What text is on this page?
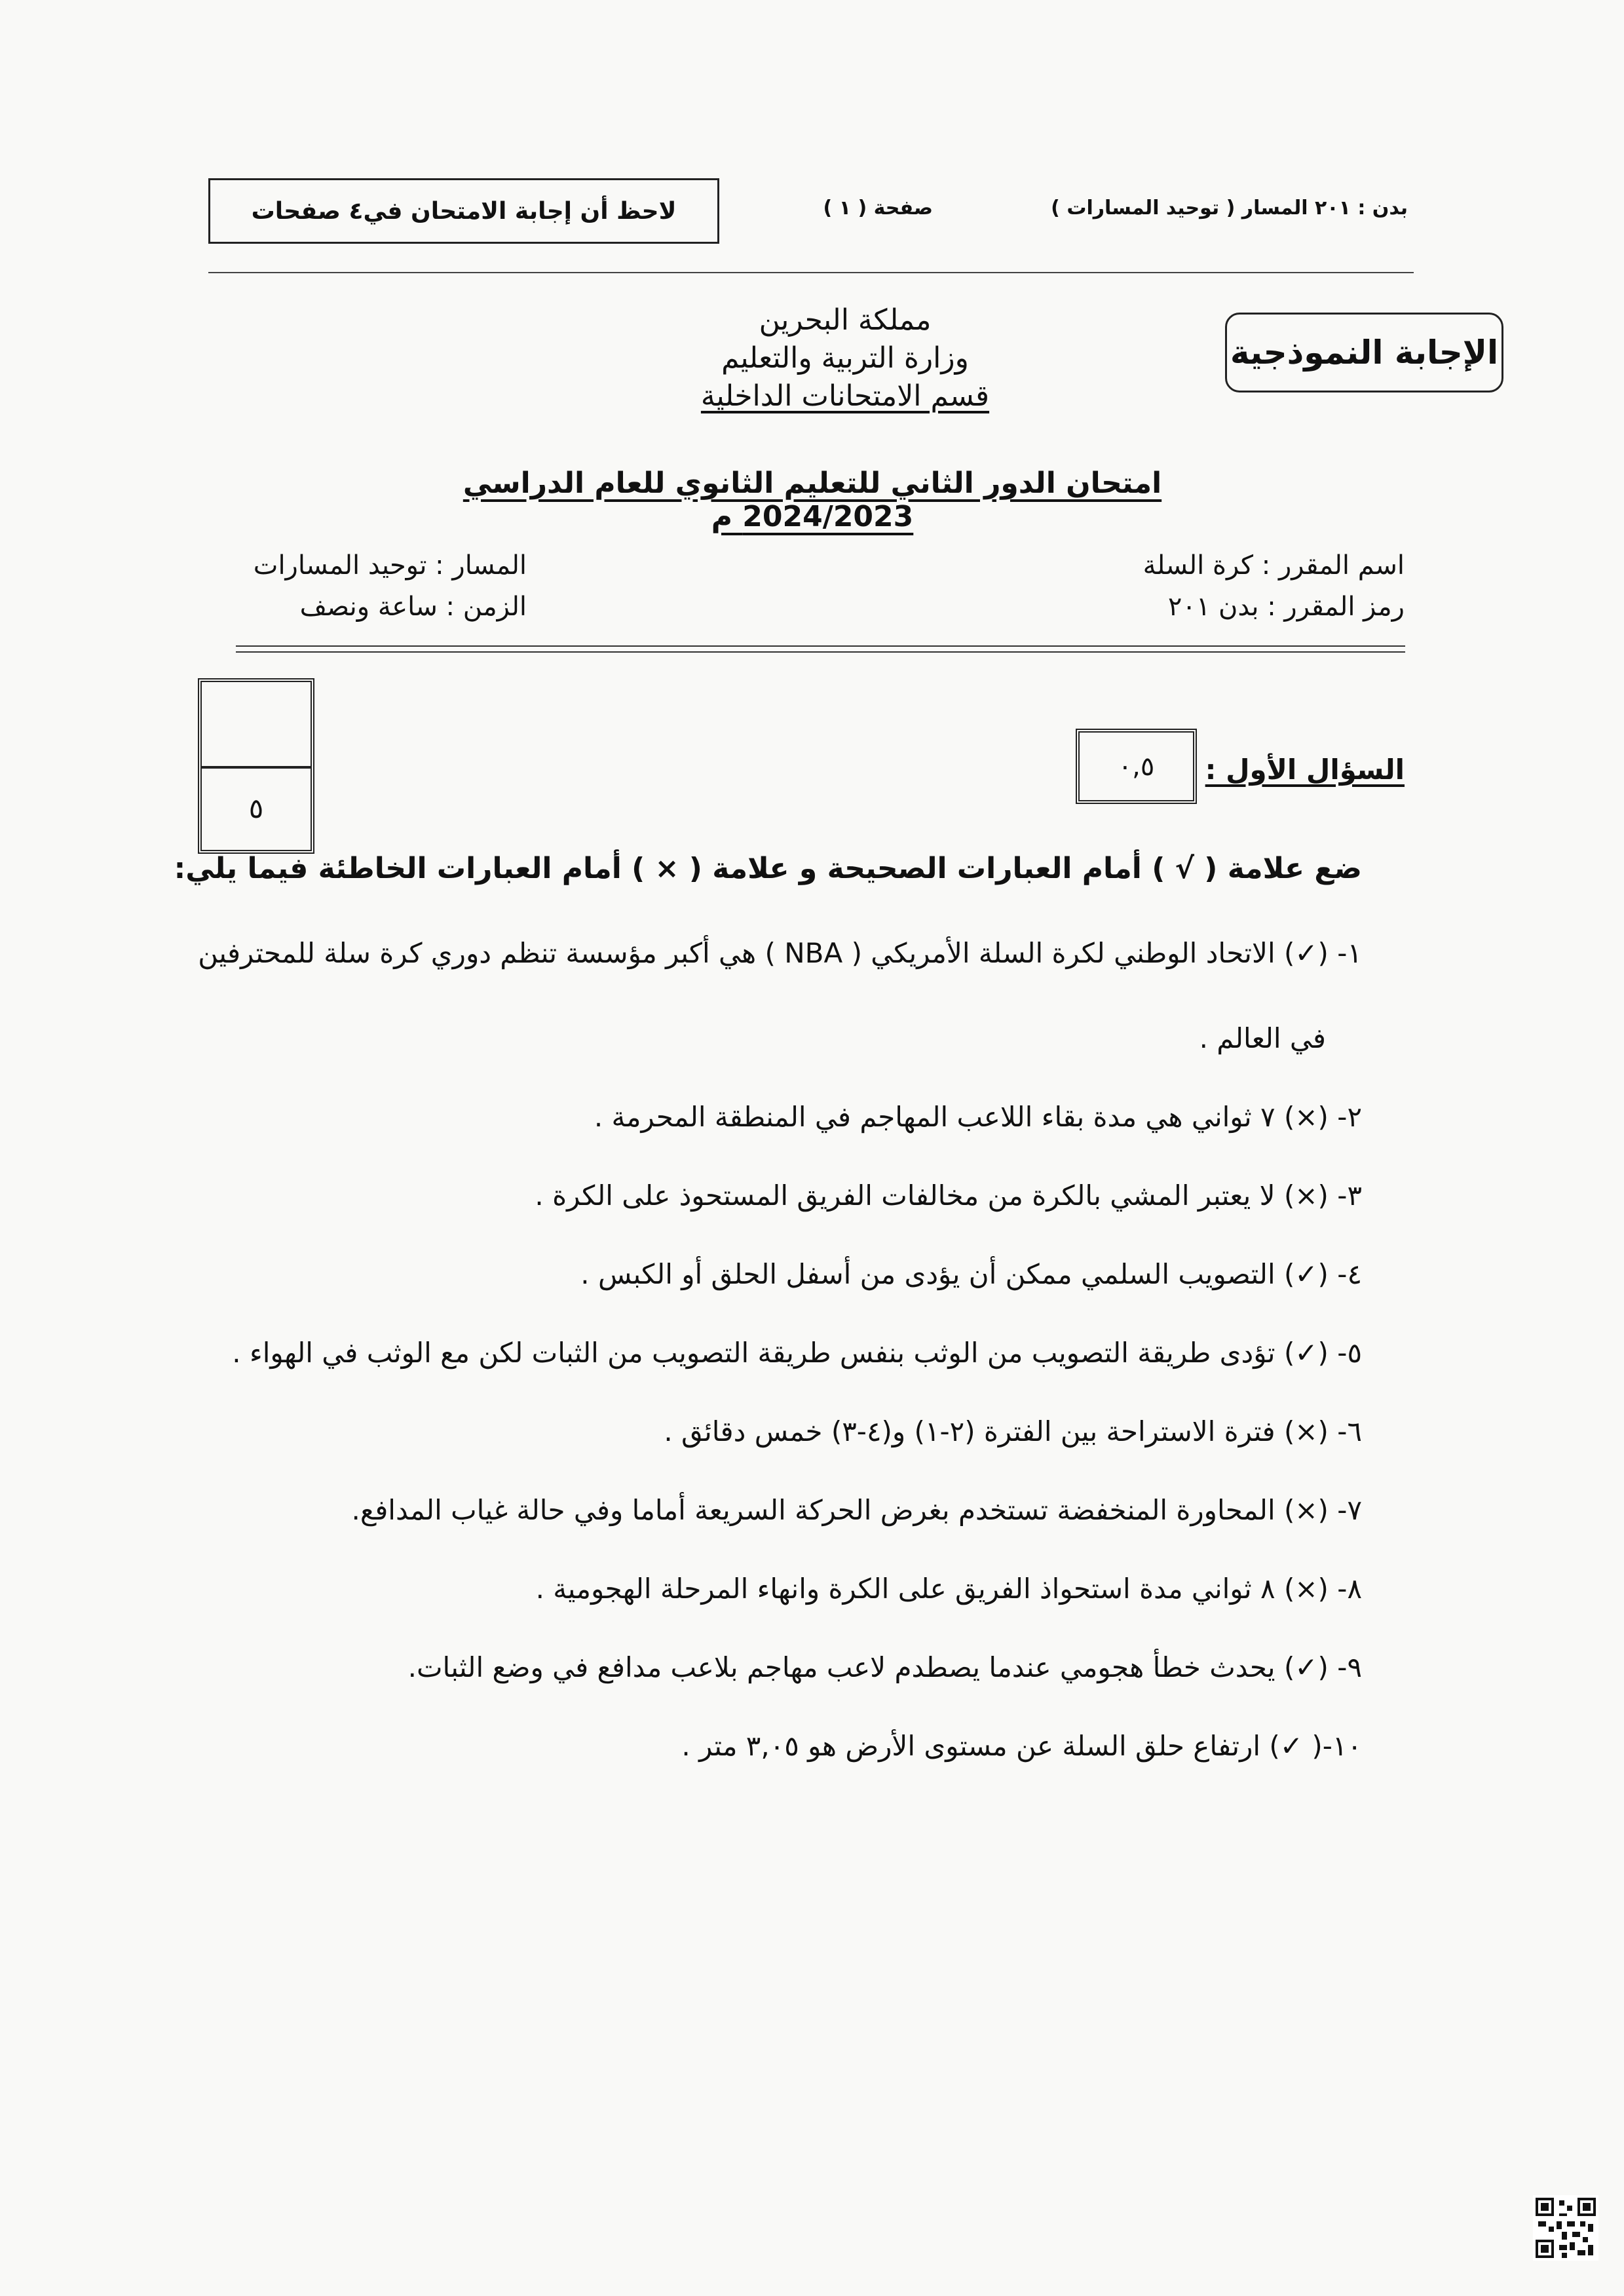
بدن : ٢٠١ المسار ( توحيد المسارات )
صفحة ( ١ )
لاحظ أن إجابة الامتحان في٤ صفحات
الإجابة النموذجية
مملكة البحرين
وزارة التربية والتعليم
قسم الامتحانات الداخلية
امتحان الدور الثاني للتعليم الثانوي للعام الدراسي 2024/2023 م
اسم المقرر : كرة السلة
رمز المقرر : بدن ٢٠١
المسار : توحيد المسارات
الزمن : ساعة ونصف
٥
٠,٥	السؤال الأول :
ضع علامة ( √ ) أمام العبارات الصحيحة و علامة ( × ) أمام العبارات الخاطئة فيما يلي:
١- (✓) الاتحاد الوطني لكرة السلة الأمريكي ( NBA ) هي أكبر مؤسسة تنظم دوري كرة سلة للمحترفين
في العالم .
٢- (×) ٧ ثواني هي مدة بقاء اللاعب المهاجم في المنطقة المحرمة .
٣- (×) لا يعتبر المشي بالكرة من مخالفات الفريق المستحوذ على الكرة .
٤- (✓) التصويب السلمي ممكن أن يؤدى من أسفل الحلق أو الكبس .
٥- (✓) تؤدى طريقة التصويب من الوثب بنفس طريقة التصويب من الثبات لكن مع الوثب في الهواء .
٦- (×) فترة الاستراحة بين الفترة (٢-١) و(٤-٣) خمس دقائق .
٧- (×) المحاورة المنخفضة تستخدم بغرض الحركة السريعة أماما وفي حالة غياب المدافع.
٨- (×) ٨ ثواني مدة استحواذ الفريق على الكرة وانهاء المرحلة الهجومية .
٩- (✓) يحدث خطأ هجومي عندما يصطدم لاعب مهاجم بلاعب مدافع في وضع الثبات.
١٠-( ✓) ارتفاع حلق السلة عن مستوى الأرض هو ٣,٠٥ متر .
